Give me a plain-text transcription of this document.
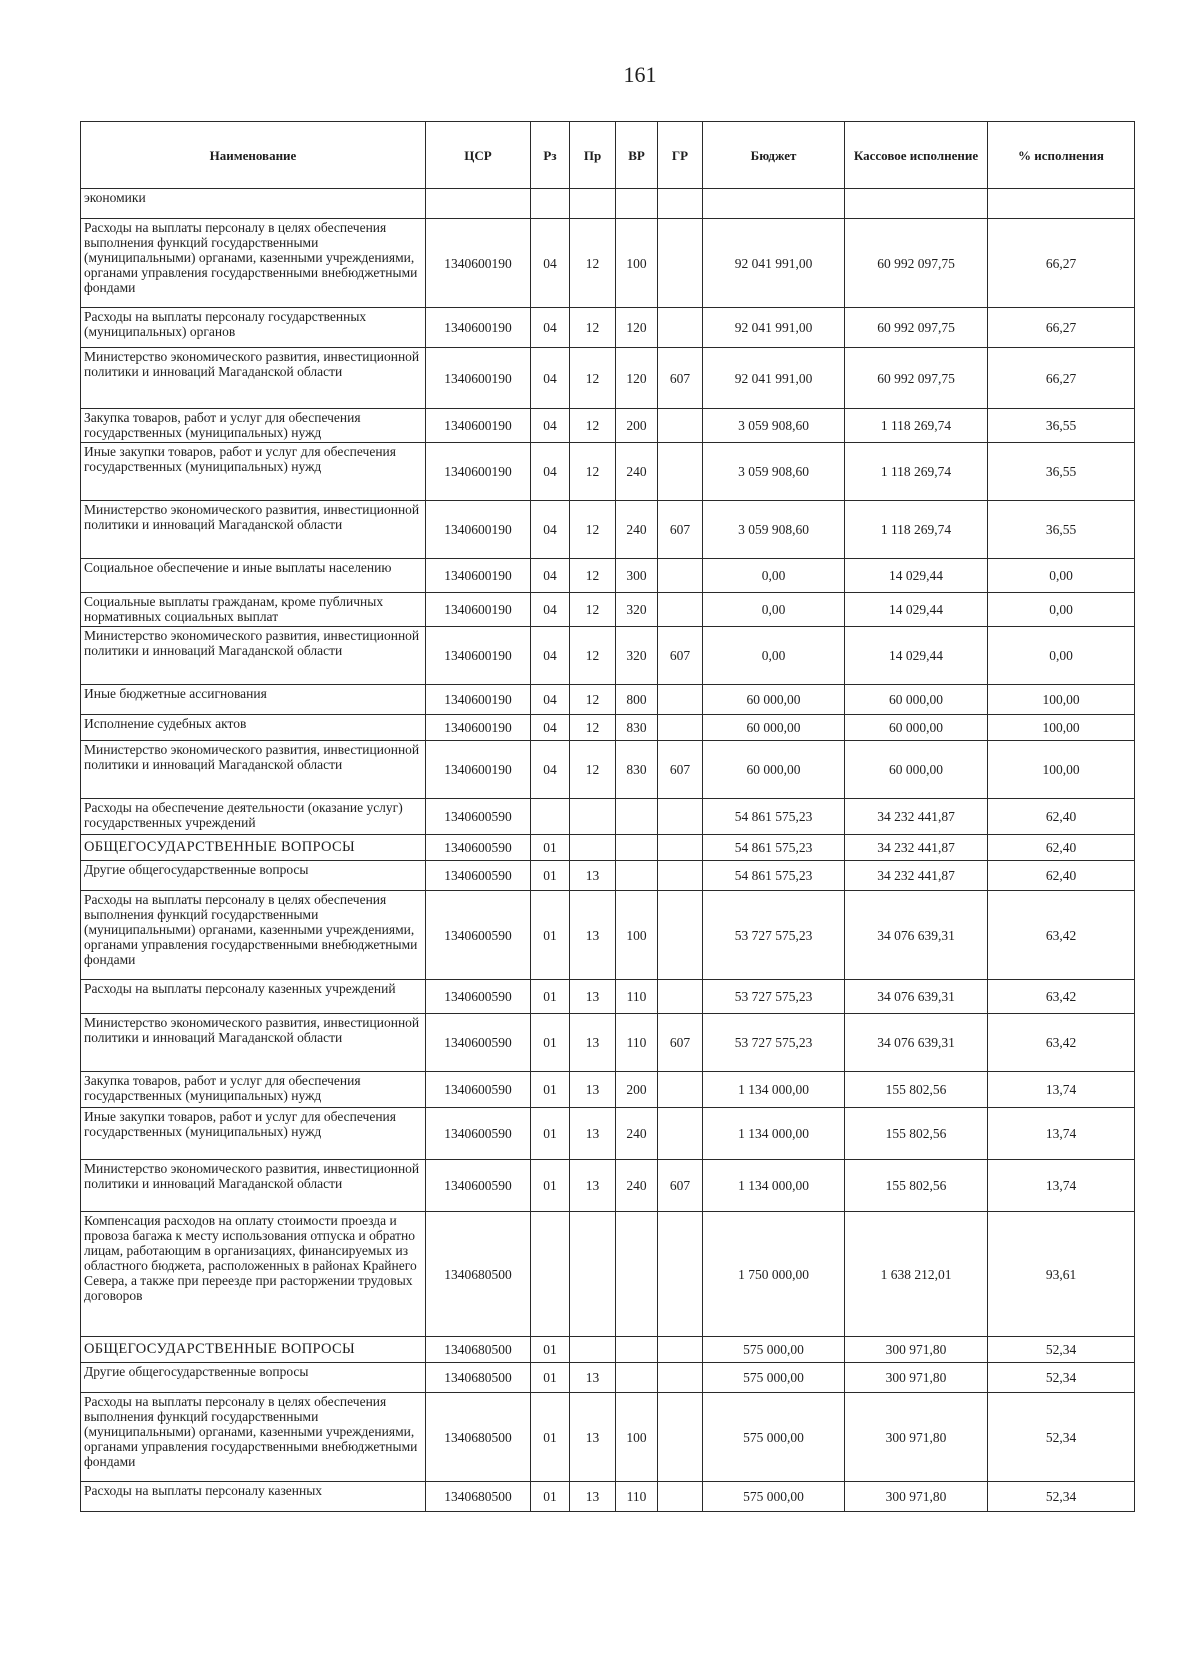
161
Наименование	ЦСР	Рз	Пр	ВР	ГР	Бюджет	Кассовое исполнение	% исполнения
экономики								
Расходы на выплаты персоналу в целях обеспечения выполнения функций государственными (муниципальными) органами, казенными учреждениями, органами управления государственными внебюджетными фондами	1340600190	04	12	100		92 041 991,00	60 992 097,75	66,27
Расходы на выплаты персоналу государственных (муниципальных) органов	1340600190	04	12	120		92 041 991,00	60 992 097,75	66,27
Министерство экономического развития, инвестиционной политики и инноваций Магаданской области	1340600190	04	12	120	607	92 041 991,00	60 992 097,75	66,27
Закупка товаров, работ и услуг для обеспечения государственных (муниципальных) нужд	1340600190	04	12	200		3 059 908,60	1 118 269,74	36,55
Иные закупки товаров, работ и услуг для обеспечения государственных (муниципальных) нужд	1340600190	04	12	240		3 059 908,60	1 118 269,74	36,55
Министерство экономического развития, инвестиционной политики и инноваций Магаданской области	1340600190	04	12	240	607	3 059 908,60	1 118 269,74	36,55
Социальное обеспечение и иные выплаты населению	1340600190	04	12	300		0,00	14 029,44	0,00
Социальные выплаты гражданам, кроме публичных нормативных социальных выплат	1340600190	04	12	320		0,00	14 029,44	0,00
Министерство экономического развития, инвестиционной политики и инноваций Магаданской области	1340600190	04	12	320	607	0,00	14 029,44	0,00
Иные бюджетные ассигнования	1340600190	04	12	800		60 000,00	60 000,00	100,00
Исполнение судебных актов	1340600190	04	12	830		60 000,00	60 000,00	100,00
Министерство экономического развития, инвестиционной политики и инноваций Магаданской области	1340600190	04	12	830	607	60 000,00	60 000,00	100,00
Расходы на обеспечение деятельности (оказание услуг) государственных учреждений	1340600590					54 861 575,23	34 232 441,87	62,40
ОБЩЕГОСУДАРСТВЕННЫЕ ВОПРОСЫ	1340600590	01				54 861 575,23	34 232 441,87	62,40
Другие общегосударственные вопросы	1340600590	01	13			54 861 575,23	34 232 441,87	62,40
Расходы на выплаты персоналу в целях обеспечения выполнения функций государственными (муниципальными) органами, казенными учреждениями, органами управления государственными внебюджетными фондами	1340600590	01	13	100		53 727 575,23	34 076 639,31	63,42
Расходы на выплаты персоналу казенных учреждений	1340600590	01	13	110		53 727 575,23	34 076 639,31	63,42
Министерство экономического развития, инвестиционной политики и инноваций Магаданской области	1340600590	01	13	110	607	53 727 575,23	34 076 639,31	63,42
Закупка товаров, работ и услуг для обеспечения государственных (муниципальных) нужд	1340600590	01	13	200		1 134 000,00	155 802,56	13,74
Иные закупки товаров, работ и услуг для обеспечения государственных (муниципальных) нужд	1340600590	01	13	240		1 134 000,00	155 802,56	13,74
Министерство экономического развития, инвестиционной политики и инноваций Магаданской области	1340600590	01	13	240	607	1 134 000,00	155 802,56	13,74
Компенсация расходов на оплату стоимости проезда и провоза багажа к месту использования отпуска и обратно лицам, работающим в организациях, финансируемых из областного бюджета, расположенных в районах Крайнего Севера, а также при переезде при расторжении трудовых договоров	1340680500					1 750 000,00	1 638 212,01	93,61
ОБЩЕГОСУДАРСТВЕННЫЕ ВОПРОСЫ	1340680500	01				575 000,00	300 971,80	52,34
Другие общегосударственные вопросы	1340680500	01	13			575 000,00	300 971,80	52,34
Расходы на выплаты персоналу в целях обеспечения выполнения функций государственными (муниципальными) органами, казенными учреждениями, органами управления государственными внебюджетными фондами	1340680500	01	13	100		575 000,00	300 971,80	52,34
Расходы на выплаты персоналу казенных	1340680500	01	13	110		575 000,00	300 971,80	52,34
